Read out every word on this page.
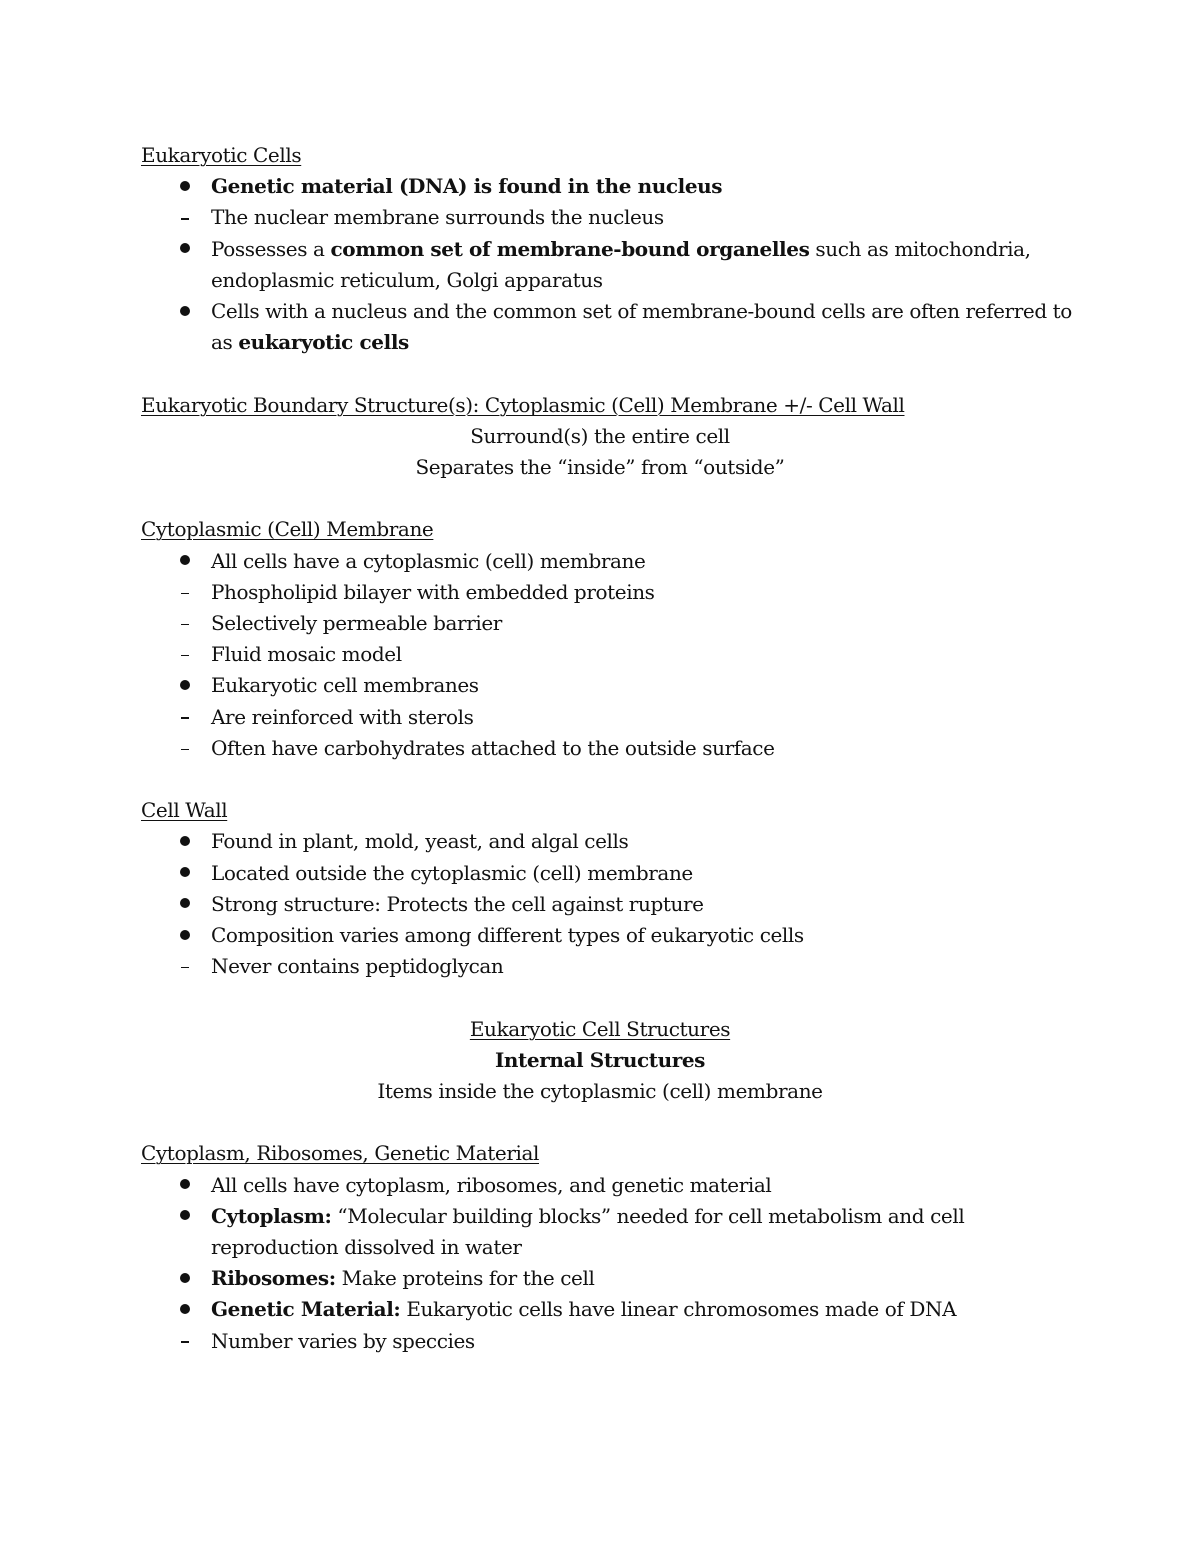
Eukaryotic Cells
Genetic material (DNA) is found in the nucleus
The nuclear membrane surrounds the nucleus
Possesses a common set of membrane-bound organelles such as mitochondria,
endoplasmic reticulum, Golgi apparatus
Cells with a nucleus and the common set of membrane-bound cells are often referred to
as eukaryotic cells
Eukaryotic Boundary Structure(s): Cytoplasmic (Cell) Membrane +/- Cell Wall
Surround(s) the entire cell
Separates the “inside” from “outside”
Cytoplasmic (Cell) Membrane
All cells have a cytoplasmic (cell) membrane
Phospholipid bilayer with embedded proteins
Selectively permeable barrier
Fluid mosaic model
Eukaryotic cell membranes
Are reinforced with sterols
Often have carbohydrates attached to the outside surface
Cell Wall
Found in plant, mold, yeast, and algal cells
Located outside the cytoplasmic (cell) membrane
Strong structure: Protects the cell against rupture
Composition varies among different types of eukaryotic cells
Never contains peptidoglycan
Eukaryotic Cell Structures
Internal Structures
Items inside the cytoplasmic (cell) membrane
Cytoplasm, Ribosomes, Genetic Material
All cells have cytoplasm, ribosomes, and genetic material
Cytoplasm: “Molecular building blocks” needed for cell metabolism and cell
reproduction dissolved in water
Ribosomes: Make proteins for the cell
Genetic Material: Eukaryotic cells have linear chromosomes made of DNA
Number varies by speccies
